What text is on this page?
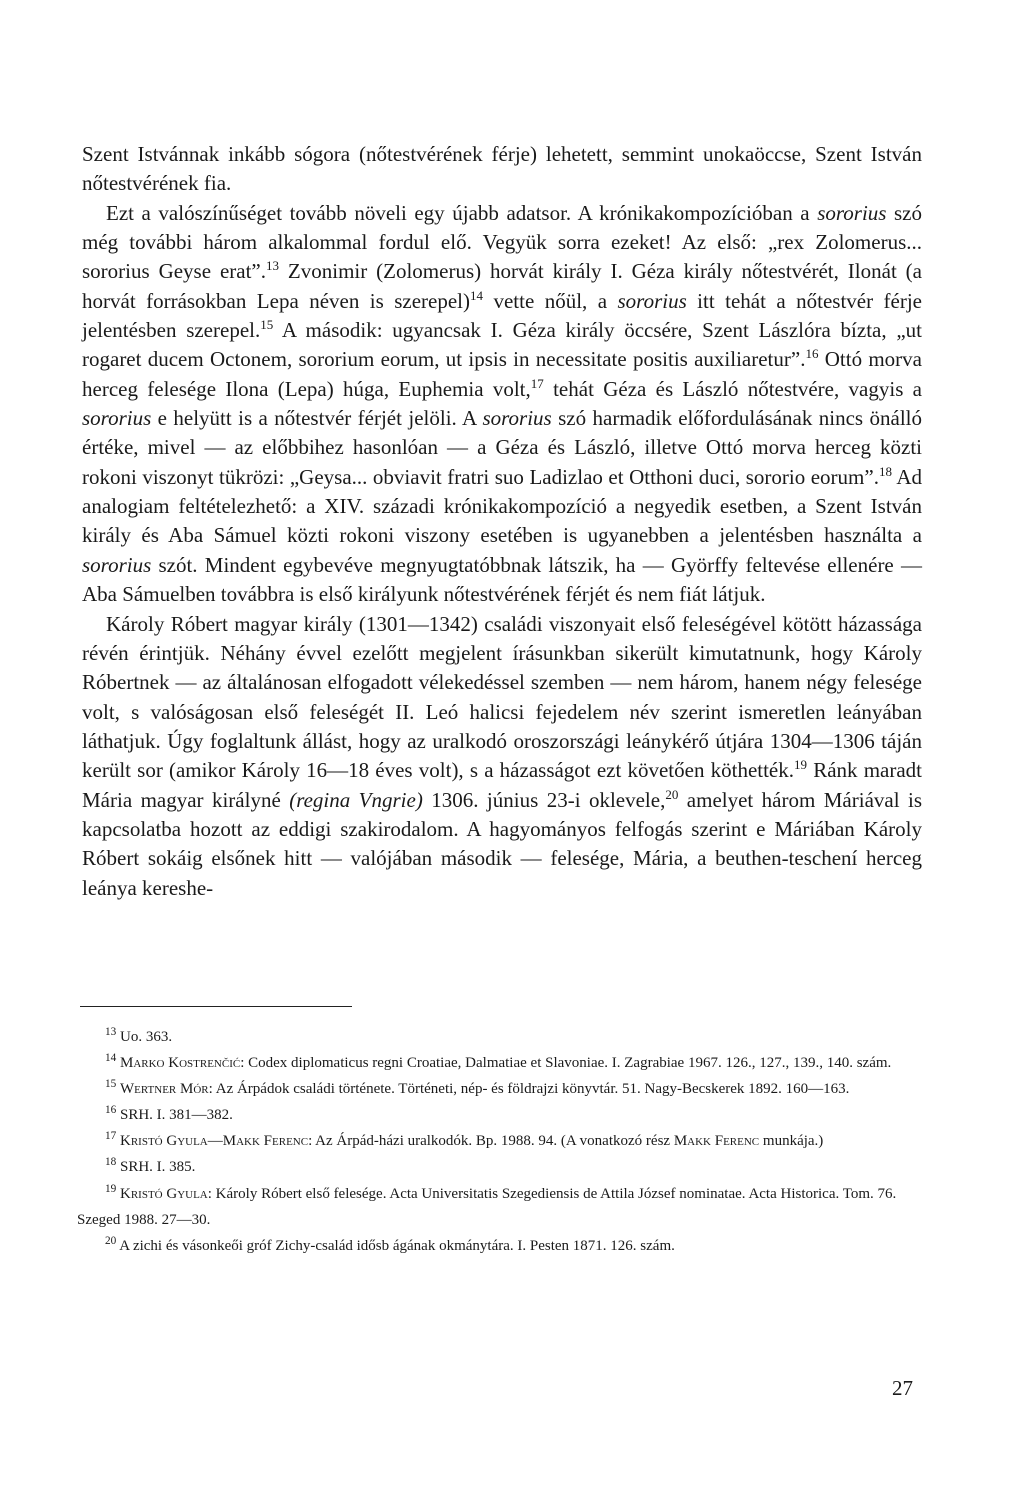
Szent Istvánnak inkább sógora (nőtestvérének férje) lehetett, semmint unokaöccse, Szent István nőtestvérének fia.

Ezt a valószínűséget tovább növeli egy újabb adatsor. A krónikakompozícióban a sororius szó még további három alkalommal fordul elő. Vegyük sorra ezeket! Az első: „rex Zolomerus... sororius Geyse erat”.$^{13}$ Zvonimir (Zolomerus) horvát király I. Géza király nőtestvérét, Ilonát (a horvát forrásokban Lepa néven is szerepel)$^{14}$ vette nőül, a sororius itt tehát a nőtestvér férje jelentésben szerepel.$^{15}$ A második: ugyancsak I. Géza király öccsére, Szent Lászlóra bízta, „ut rogaret ducem Octonem, sororium eorum, ut ipsis in necessitate positis auxiliaretur”.$^{16}$ Ottó morva herceg felesége Ilona (Lepa) húga, Euphemia volt,$^{17}$ tehát Géza és László nőtestvére, vagyis a sororius e helyütt is a nőtestvér férjét jelöli. A sororius szó harmadik előfordulásának nincs önálló értéke, mivel — az előbbihez hasonlóan — a Géza és László, illetve Ottó morva herceg közti rokoni viszonyt tükrözi: „Geysa... obviavit fratri suo Ladizlao et Otthoni duci, sororio eorum”.$^{18}$ Ad analogiam feltételezhető: a XIV. századi krónikakompozíció a negyedik esetben, a Szent István király és Aba Sámuel közti rokoni viszony esetében is ugyanebben a jelentésben használta a sororius szót. Mindent egybevéve megnyugtatóbbnak látszik, ha — Györffy feltevése ellenére — Aba Sámuelben továbbra is első királyunk nőtestvérének férjét és nem fiát látjuk.

Károly Róbert magyar király (1301—1342) családi viszonyait első feleségével kötött házassága révén érintjük. Néhány évvel ezelőtt megjelent írásunkban sikerült kimutatnunk, hogy Károly Róbertnek — az általánosan elfogadott vélekedéssel szemben — nem három, hanem négy felesége volt, s valóságosan első feleségét II. Leó halicsi fejedelem név szerint ismeretlen leányában láthatjuk. Úgy foglaltunk állást, hogy az uralkodó oroszországi leánykérő útjára 1304—1306 táján került sor (amikor Károly 16—18 éves volt), s a házasságot ezt követően köthették.$^{19}$ Ránk maradt Mária magyar királyné (regina Vngrie) 1306. június 23-i oklevele,$^{20}$ amelyet három Máriával is kapcsolatba hozott az eddigi szakirodalom. A hagyományos felfogás szerint e Máriában Károly Róbert sokáig elsőnek hitt — valójában második — felesége, Mária, a beuthen-teschení herceg leánya kereshe-

$^{13}$ Uo. 363.

$^{14}$ Marko Kostrenčić: Codex diplomaticus regni Croatiae, Dalmatiae et Slavoniae. I. Zagrabiae 1967. 126., 127., 139., 140. szám.

$^{15}$ Wertner Mór: Az Árpádok családi története. Történeti, nép- és földrajzi könyvtár. 51. Nagy-Becskerek 1892. 160—163.

$^{16}$ SRH. I. 381—382.

$^{17}$ Kristó Gyula—Makk Ferenc: Az Árpád-házi uralkodók. Bp. 1988. 94. (A vonatkozó rész Makk Ferenc munkája.)

$^{18}$ SRH. I. 385.

$^{19}$ Kristó Gyula: Károly Róbert első felesége. Acta Universitatis Szegediensis de Attila József nominatae. Acta Historica. Tom. 76. Szeged 1988. 27—30.

$^{20}$ A zichi és vásonkeői gróf Zichy-család idősb ágának okmánytára. I. Pesten 1871. 126. szám.

27
